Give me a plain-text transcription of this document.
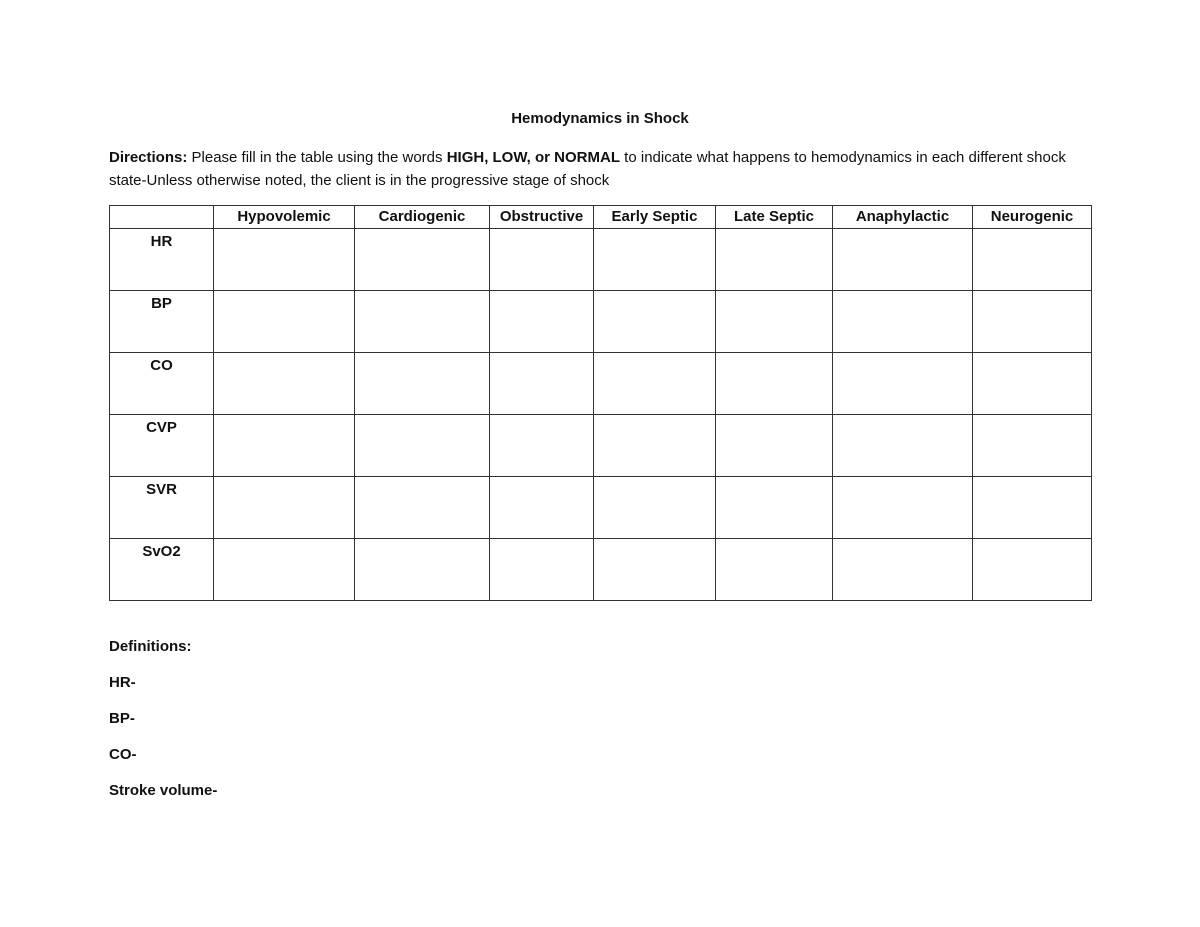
Hemodynamics in Shock
Directions: Please fill in the table using the words HIGH, LOW, or NORMAL to indicate what happens to hemodynamics in each different shock state-Unless otherwise noted, the client is in the progressive stage of shock
	Hypovolemic	Cardiogenic	Obstructive	Early Septic	Late Septic	Anaphylactic	Neurogenic
HR							
BP							
CO							
CVP							
SVR							
SvO2							
Definitions:
HR-
BP-
CO-
Stroke volume-
